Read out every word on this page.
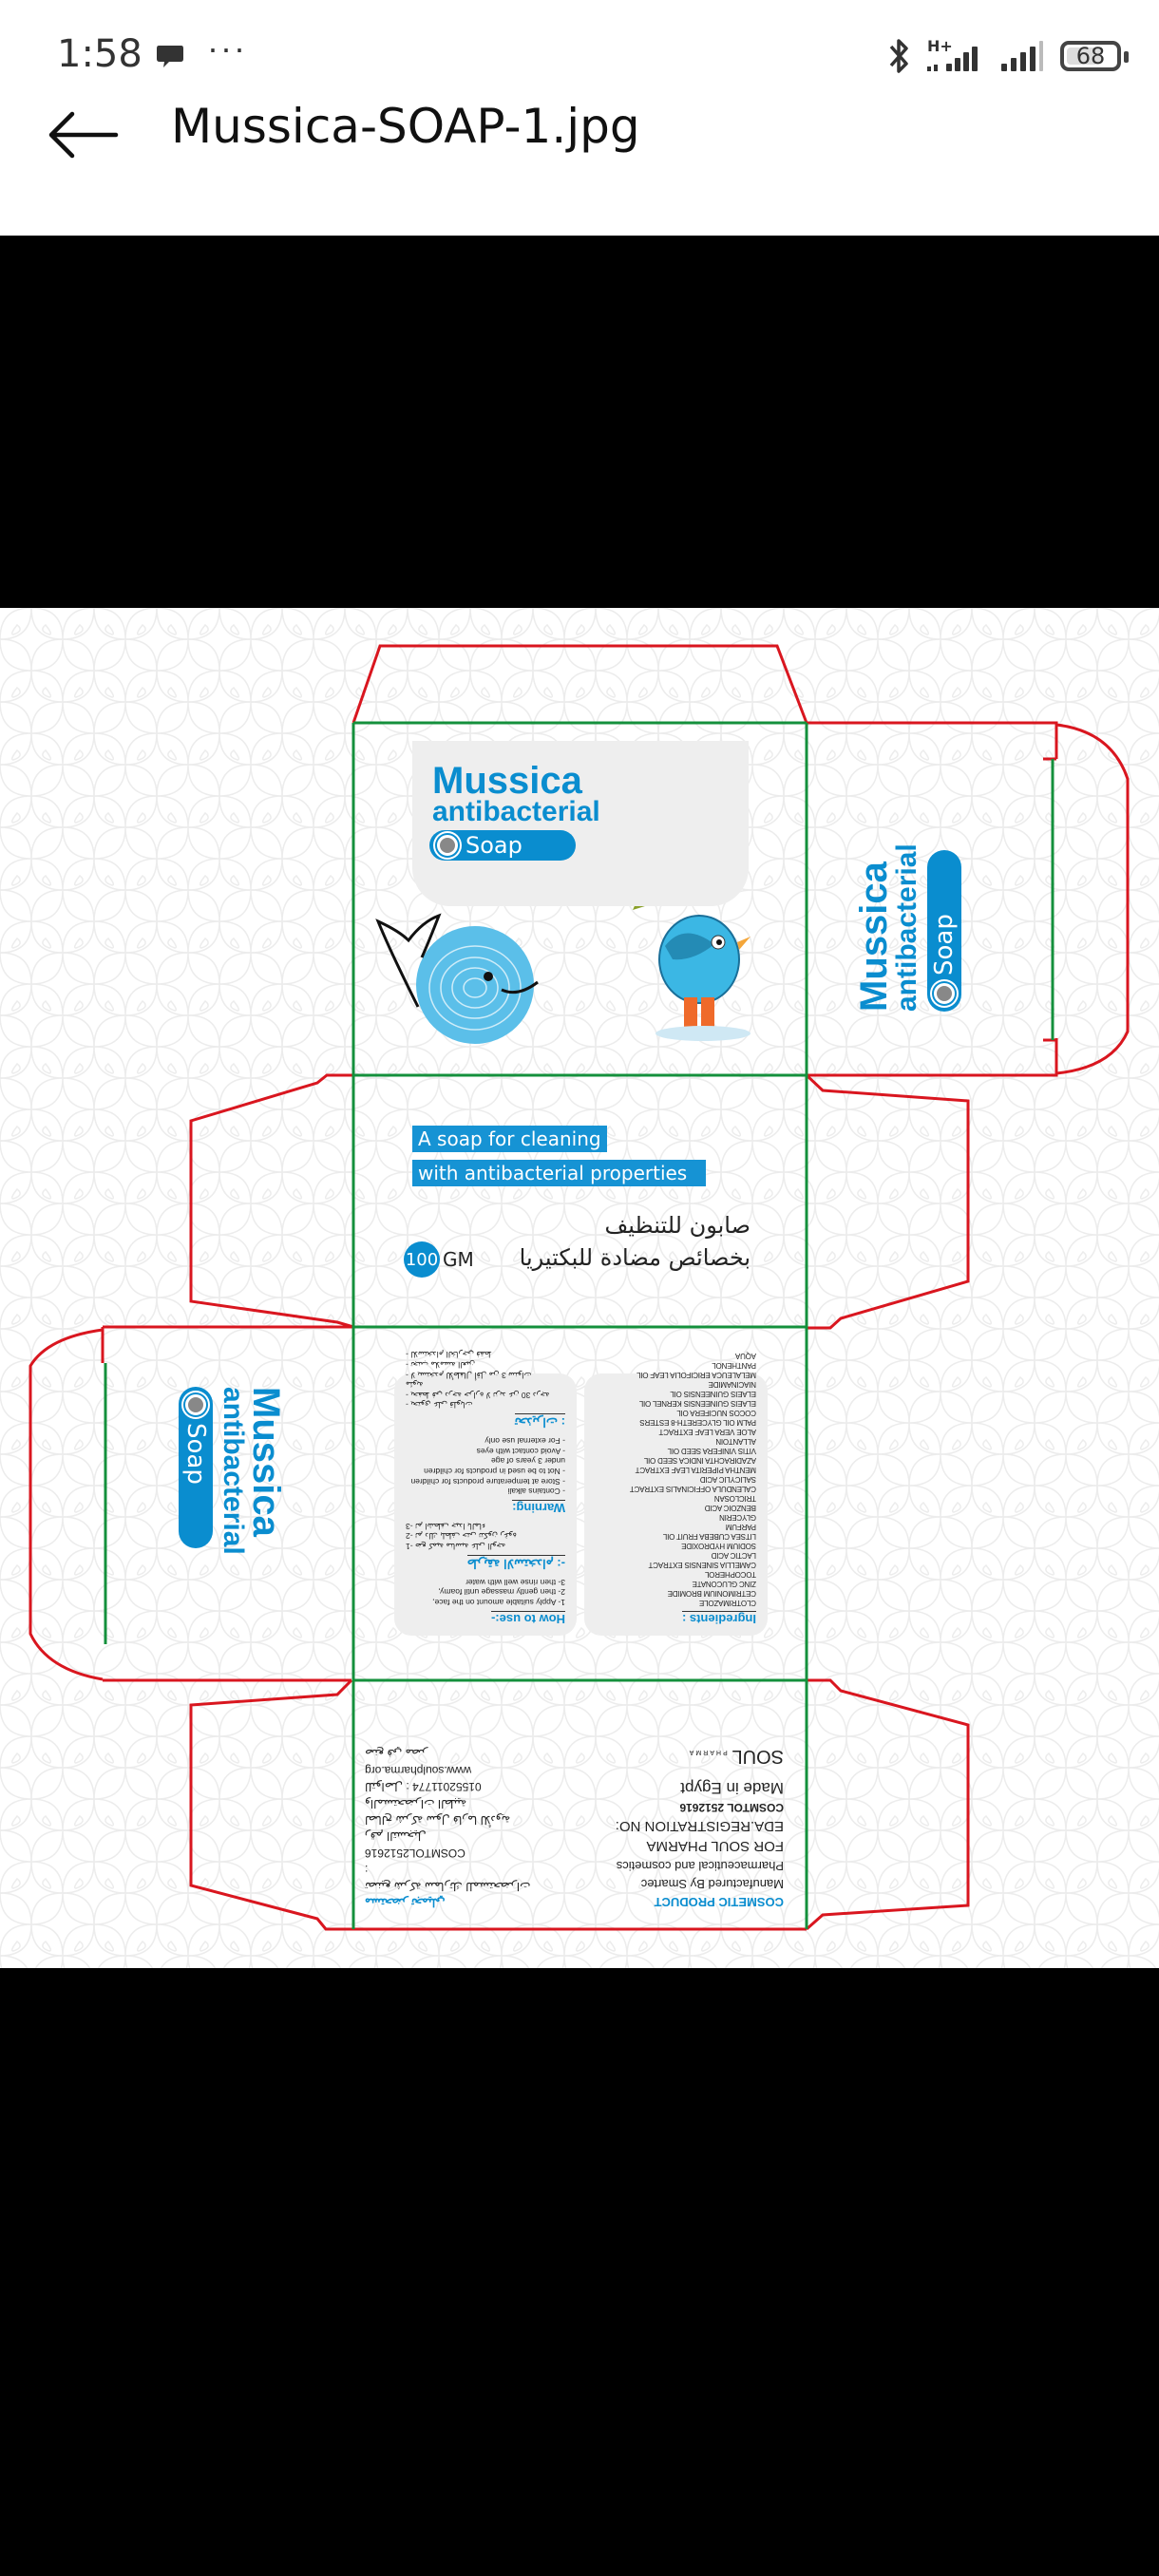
1:58 ···	H+	68
Mussica-SOAP-1.jpg
Mussica
antibacterial
Soap
Mussica
antibacterial Soap
A soap for cleaning
with antibacterial properties
صابون للتنظيف
بخصائص مضادة للبكتيريا
100 GM
Ingredients :
CLOTRIMAZOLE
CETRIMONIUM BROMIDE
ZINC GLUCONATE
TOCOPHEROL
CAMELLIA SINENSIS EXTRACT
LACTIC ACID
SODIUM HYDROXIDE
LITSEA CUBEBA FRUIT OIL
PARFUM
GLYCERIN
BENZOIC ACID
TRICLOSAN
CALENDULA OFFICINALIS EXTRACT
SALICYLIC ACID
MENTHA PIPERITA LEAF EXTRACT
AZADIRACHTA INDICA SEED OIL
VITIS VINIFERA SEED OIL
ALLANTOIN
ALOE VERA LEAF EXTRACT
PALM OIL GLYCERETH-8 ESTERS
COCOS NUCIFERA OIL
ELAEIS GUINEENSIS KERNEL OIL
ELAEIS GUINEENSIS OIL
NIACINAMIDE
MELALEUCA ERICIFOLIA LEAF OIL
PANTHENOL
AQUA
How to use:-
1- Apply suitable amount on the face,
2- then gently massage until foamy,
3- then rinse well with water
طريقة الاستخدام :-
1- ضع كمية مناسبة على الوجه
2- ثم دلك بلطف حتى تتكون رغوة
3- ثم اشطف جيدا بالماء
Warning:
- Contains alkali
- Store at temperature products for children
- Not to be used in products for children under 3 years of age
- Avoid contact with eyes
- For external use only
تحذيرات :
- يحتوي على قلويات
- يحفظ في درجة حرارة لا تزيد عن 30 درجة مئوية
- لا يستخدم للأطفال أقل من 3 سنوات
- تجنب ملامسة العين
- للاستخدام الخارجي فقط
Mussica
antibacterial
Soap
COSMETIC PRODUCT
Manufactured By Smartec
Pharmaceutical and cosmetics
FOR SOUL PHARMA
EDA.REGISTRATION NO:
COSMTOL 2512616
Made in Egypt
SOUL PHARMA
مستحضر تجميلي
تصنيع شركة سمارتك للمستحضرات :
COSMTOL2512616
رقم التسجيل
لصالح شركة سول فارما للأدوية
والمستحضرات الطبية
للتواصل : 01552011774
www.soulpharma.org
صنع في مصر
